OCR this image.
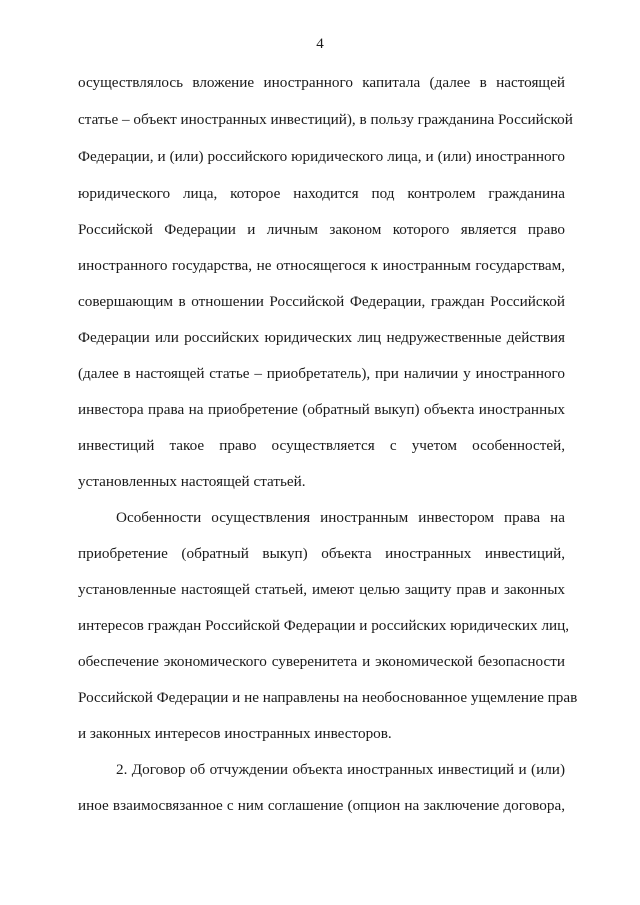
4
осуществлялось вложение иностранного капитала (далее в настоящей
статье – объект иностранных инвестиций), в пользу гражданина Российской
Федерации, и (или) российского юридического лица, и (или) иностранного
юридического лица, которое находится под контролем гражданина
Российской Федерации и личным законом которого является право
иностранного государства, не относящегося к иностранным государствам,
совершающим в отношении Российской Федерации, граждан Российской
Федерации или российских юридических лиц недружественные действия
(далее в настоящей статье – приобретатель), при наличии у иностранного
инвестора права на приобретение (обратный выкуп) объекта иностранных
инвестиций такое право осуществляется с учетом особенностей,
установленных настоящей статьей.
Особенности осуществления иностранным инвестором права на
приобретение (обратный выкуп) объекта иностранных инвестиций,
установленные настоящей статьей, имеют целью защиту прав и законных
интересов граждан Российской Федерации и российских юридических лиц,
обеспечение экономического суверенитета и экономической безопасности
Российской Федерации и не направлены на необоснованное ущемление прав
и законных интересов иностранных инвесторов.
2. Договор об отчуждении объекта иностранных инвестиций и (или)
иное взаимосвязанное с ним соглашение (опцион на заключение договора,
